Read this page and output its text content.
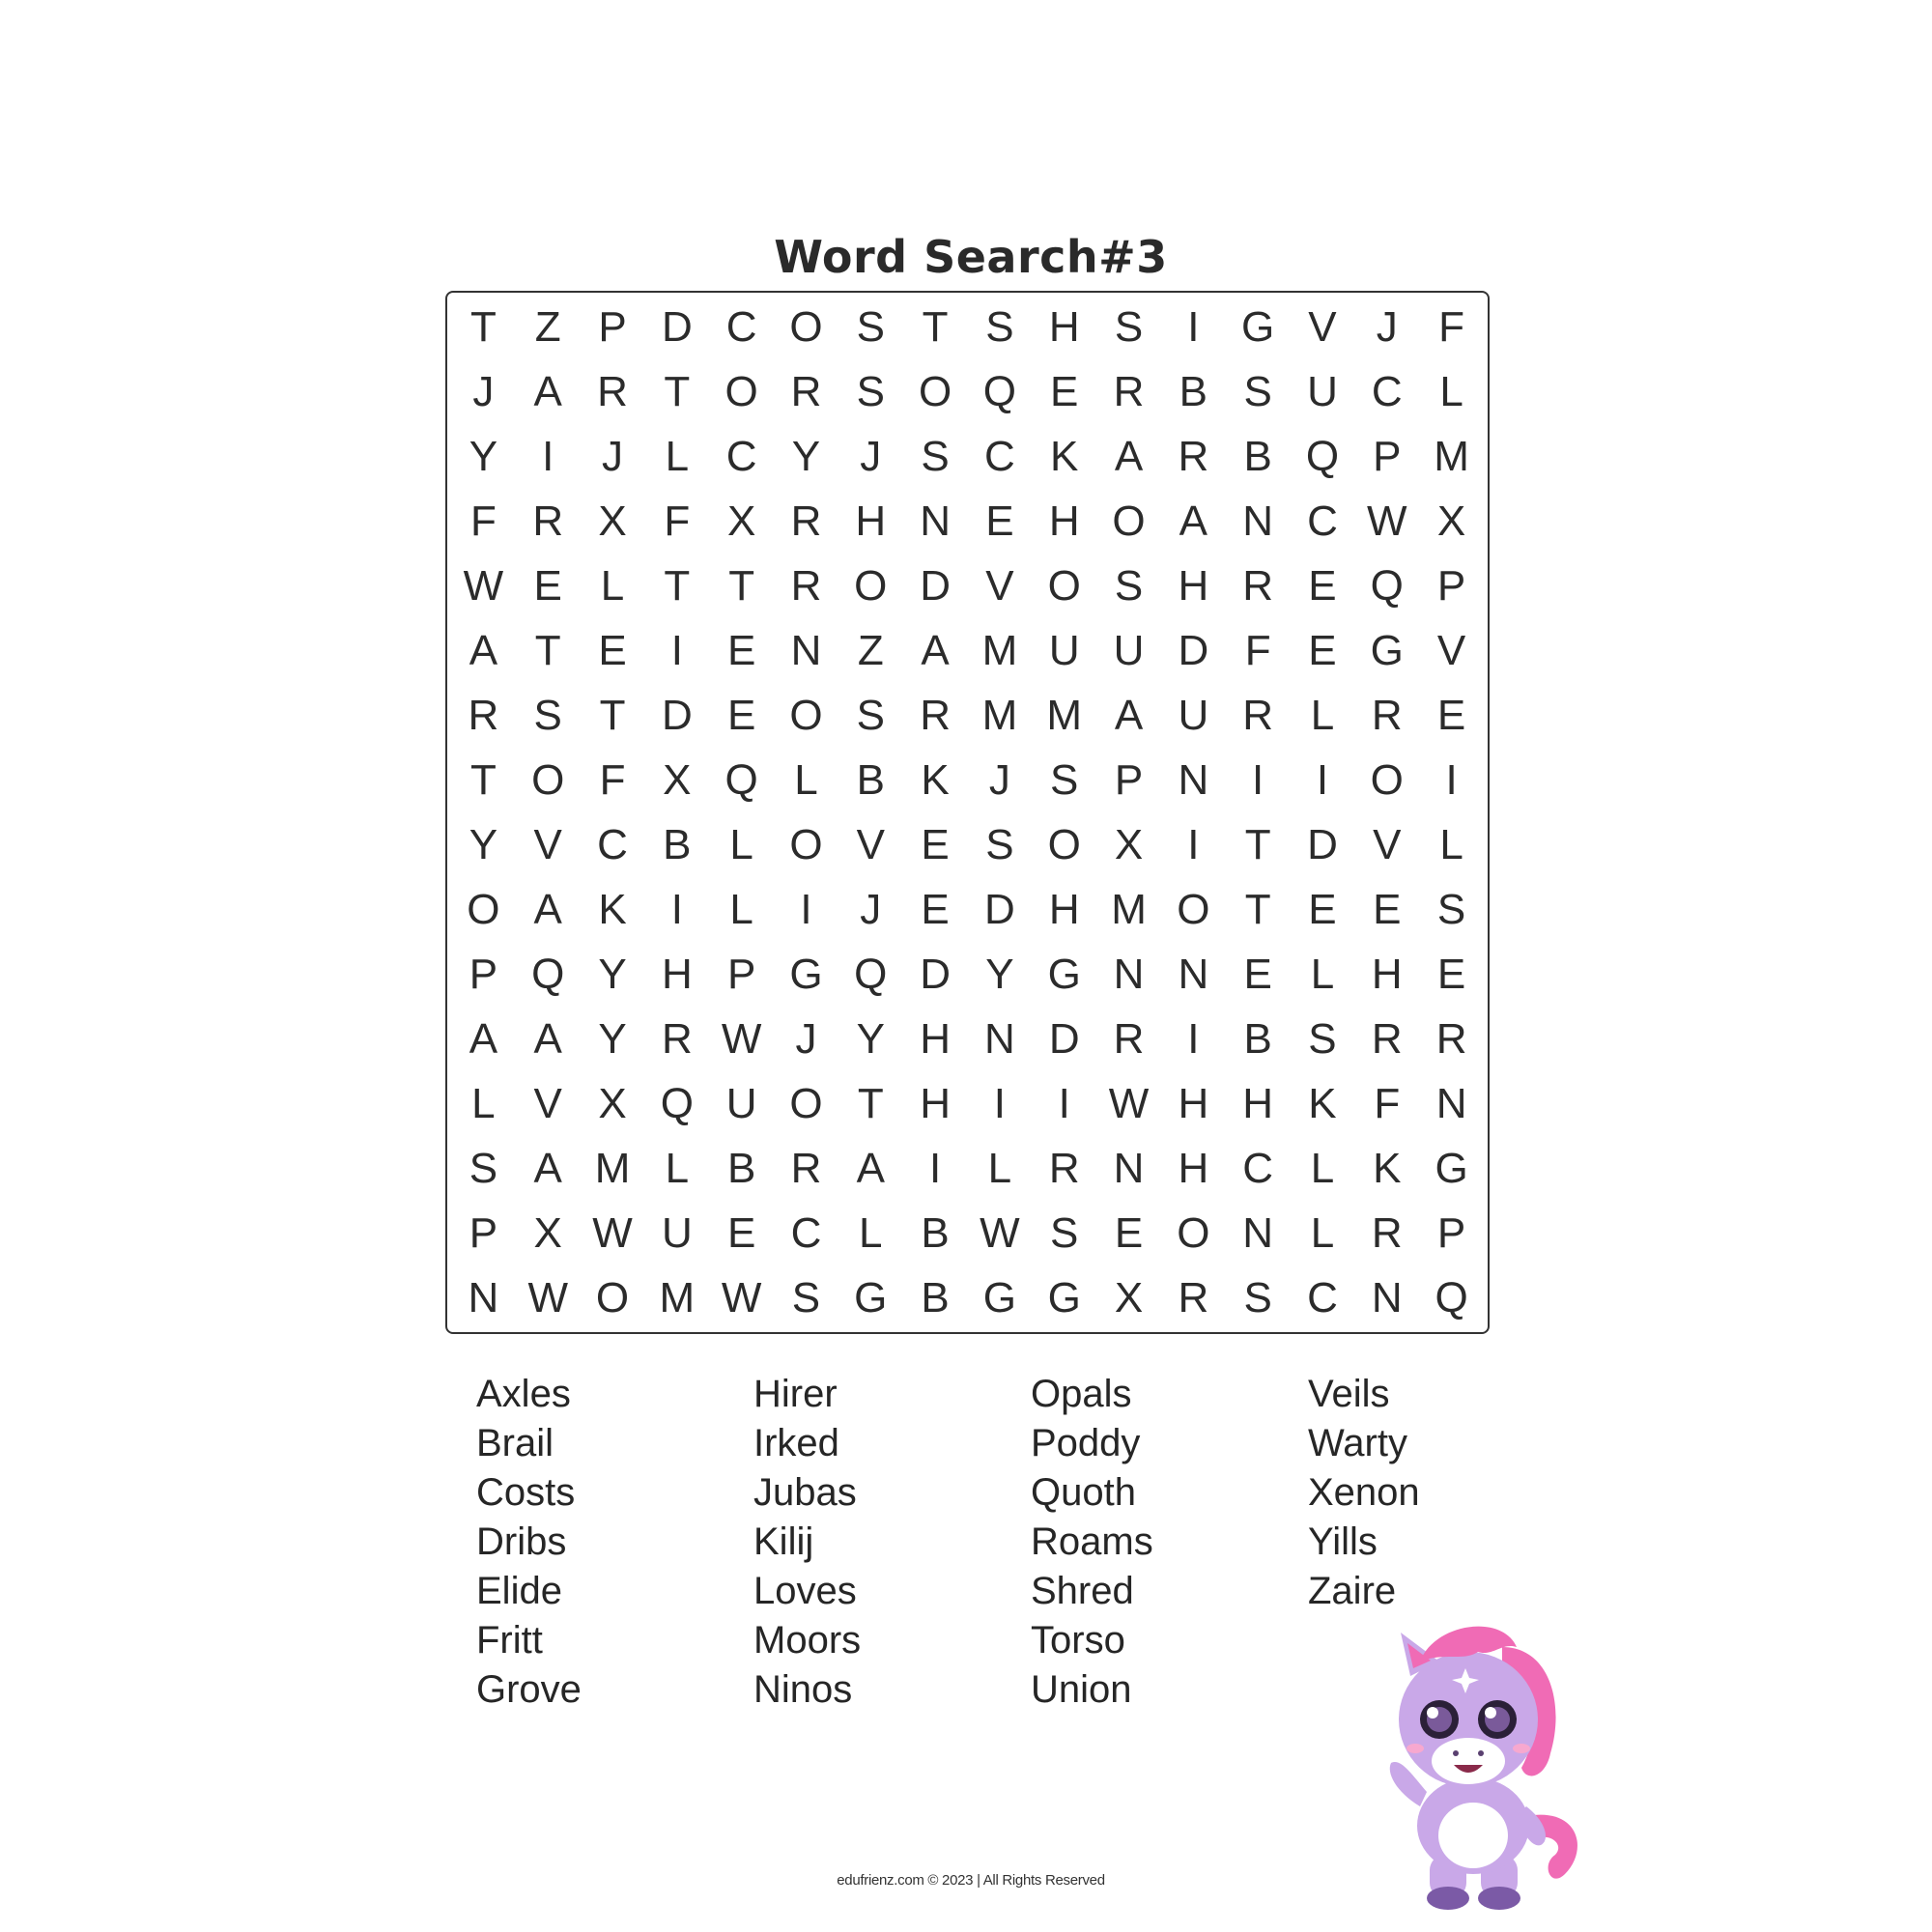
Word Search#3
T Z P D C O S T S H S	I G V J F
J A R T O R S O Q E R B S U C L
Y	I	J L C Y J S C K A R B Q P M
F R X F X R H N E H O A N C W X
W E L T T R O D V O S H R E Q P
A T E	I	E N Z A M U U D F E G V
R S T D E O S R M M A U R L R E
T O F X Q L B K J S P N	I	I O I
Y V C B L O V E S O X	I	T D V L
O A K	I	L	I	J E D H M O T E E S
P Q Y H P G Q D Y G N N E L H E
A A Y R W J Y H N D R	I	B S R R
L V X Q U O T H	I	I W H H K F N
S A M L B R A	I	L R N H C L K G
P X W U E C L B W S E O N L R P
N W O M W S G B G G X R S C N Q
Axles
Brail
Costs
Dribs
Elide
Fritt
Grove
Hirer
Irked
Jubas
Kilij
Loves
Moors
Ninos
Opals
Poddy
Quoth
Roams
Shred
Torso
Union
Veils
Warty
Xenon
Yills
Zaire
edufrienz.com © 2023 | All Rights Reserved
